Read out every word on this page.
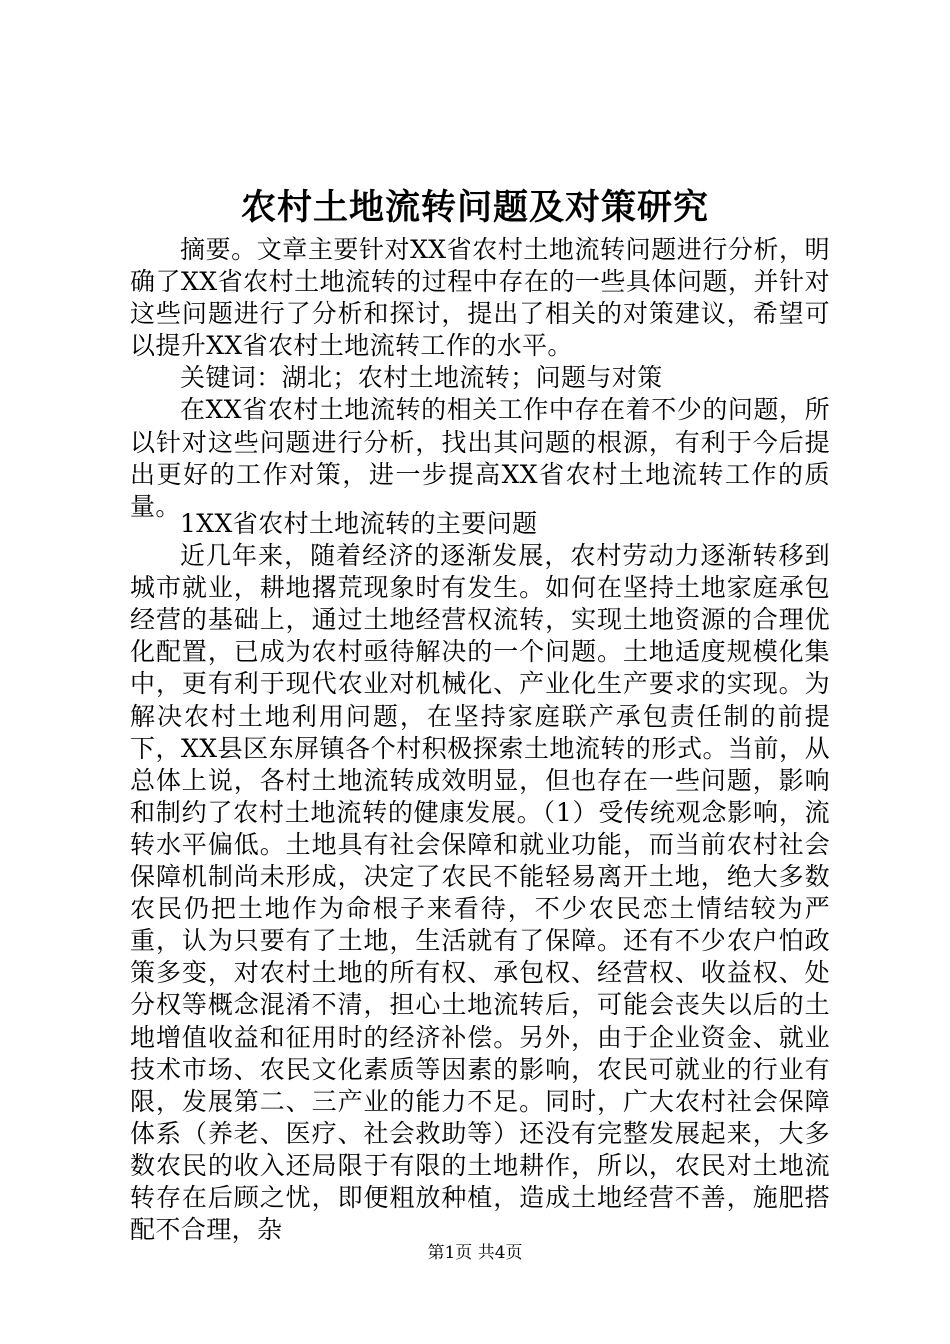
农村土地流转问题及对策研究

摘要。文章主要针对XX省农村土地流转问题进行分析，明确了XX省农村土地流转的过程中存在的一些具体问题，并针对这些问题进行了分析和探讨，提出了相关的对策建议，希望可以提升XX省农村土地流转工作的水平。

关键词：湖北；农村土地流转；问题与对策

在XX省农村土地流转的相关工作中存在着不少的问题，所以针对这些问题进行分析，找出其问题的根源，有利于今后提出更好的工作对策，进一步提高XX省农村土地流转工作的质量。

1XX省农村土地流转的主要问题

近几年来，随着经济的逐渐发展，农村劳动力逐渐转移到城市就业，耕地撂荒现象时有发生。如何在坚持土地家庭承包经营的基础上，通过土地经营权流转，实现土地资源的合理优化配置，已成为农村亟待解决的一个问题。土地适度规模化集中，更有利于现代农业对机械化、产业化生产要求的实现。为解决农村土地利用问题，在坚持家庭联产承包责任制的前提下，XX县区东屏镇各个村积极探索土地流转的形式。当前，从总体上说，各村土地流转成效明显，但也存在一些问题，影响和制约了农村土地流转的健康发展。（1）受传统观念影响，流转水平偏低。土地具有社会保障和就业功能，而当前农村社会保障机制尚未形成，决定了农民不能轻易离开土地，绝大多数农民仍把土地作为命根子来看待，不少农民恋土情结较为严重，认为只要有了土地，生活就有了保障。还有不少农户怕政策多变，对农村土地的所有权、承包权、经营权、收益权、处分权等概念混淆不清，担心土地流转后，可能会丧失以后的土地增值收益和征用时的经济补偿。另外，由于企业资金、就业技术市场、农民文化素质等因素的影响，农民可就业的行业有限，发展第二、三产业的能力不足。同时，广大农村社会保障体系（养老、医疗、社会救助等）还没有完整发展起来，大多数农民的收入还局限于有限的土地耕作，所以，农民对土地流转存在后顾之忧，即便粗放种植，造成土地经营不善，施肥搭配不合理，杂

第1页 共4页
